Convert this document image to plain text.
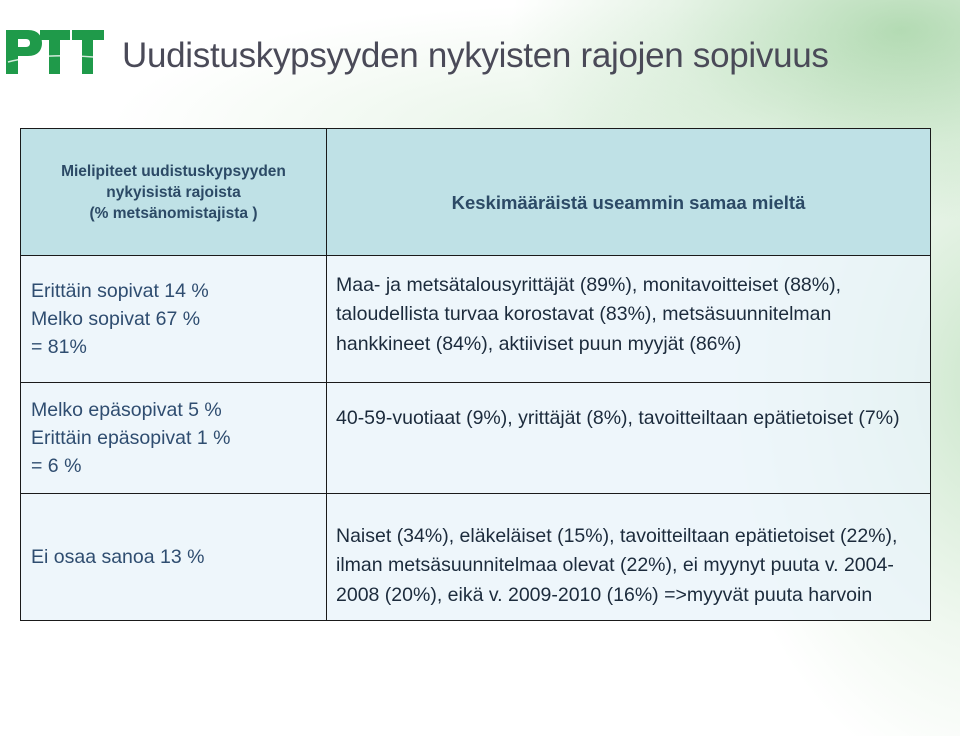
Uudistuskypsyyden nykyisten rajojen sopivuus
Mielipiteet uudistuskypsyyden
nykyisistä rajoista
(% metsänomistajista )	Keskimääräistä useammin samaa mieltä

Erittäin sopivat 14 %
Melko sopivat 67 %
= 81%	Maa- ja metsätalousyrittäjät (89%), monitavoitteiset (88%), taloudellista turvaa korostavat (83%), metsäsuunnitelman hankkineet (84%), aktiiviset puun myyjät (86%)

Melko epäsopivat 5 %
Erittäin epäsopivat 1 %
= 6 %	40-59-vuotiaat (9%), yrittäjät (8%), tavoitteiltaan epätietoiset (7%)

Ei osaa sanoa 13 %	Naiset (34%), eläkeläiset (15%), tavoitteiltaan epätietoiset (22%), ilman metsäsuunnitelmaa olevat (22%), ei myynyt puuta v. 2004-2008 (20%), eikä v. 2009-2010 (16%) =>myyvät puuta harvoin
